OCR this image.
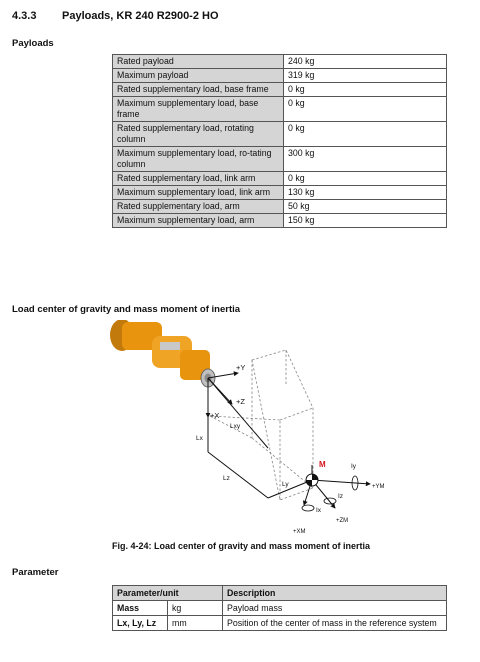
4.3.3 Payloads, KR 240 R2900-2 HO
Payloads
Rated payload	240 kg
Maximum payload	319 kg
Rated supplementary load, base frame	0 kg
Maximum supplementary load, base frame	0 kg
Rated supplementary load, rotating column	0 kg
Maximum supplementary load, ro-tating column	300 kg
Rated supplementary load, link arm	0 kg
Maximum supplementary load, link arm	130 kg
Rated supplementary load, arm	50 kg
Maximum supplementary load, arm	150 kg
Load center of gravity and mass moment of inertia
+Y
+Z
+X
Lxy
Lx
Lz
Ly
M	Iy
+YM
Iz
Ix
+ZM
+XM
Fig. 4-24: Load center of gravity and mass moment of inertia
Parameter
Parameter/unit		Description
Mass	kg	Payload mass
Lx, Ly, Lz	mm	Position of the center of mass in the reference system
